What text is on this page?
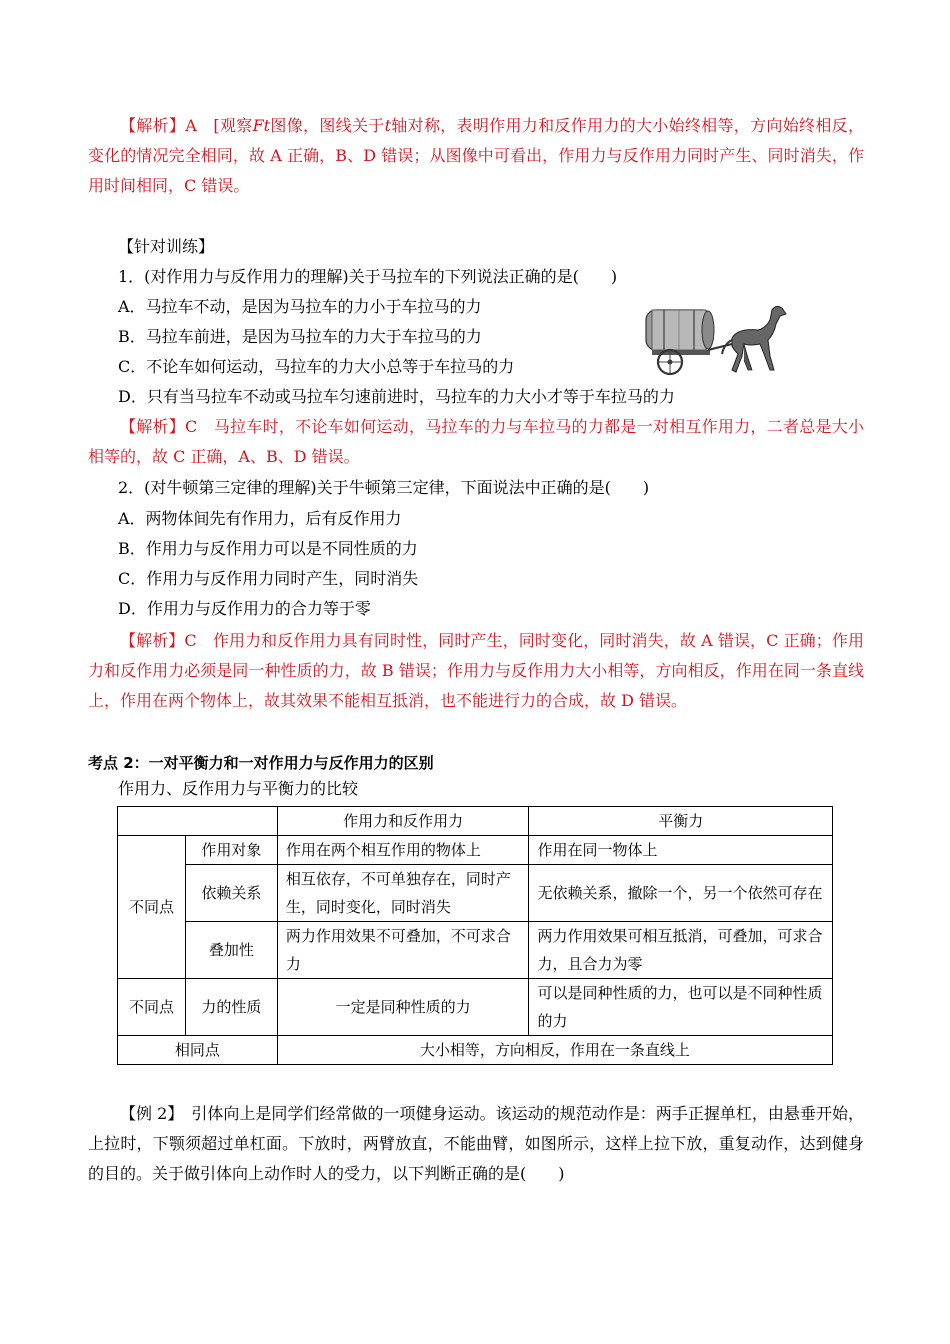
【解析】A　[观察Ft图像，图线关于t轴对称，表明作用力和反作用力的大小始终相等，方向始终相反，变化的情况完全相同，故 A 正确，B、D 错误；从图像中可看出，作用力与反作用力同时产生、同时消失，作用时间相同，C 错误。

【针对训练】

1．(对作用力与反作用力的理解)关于马拉车的下列说法正确的是(　　)

A．马拉车不动，是因为马拉车的力小于车拉马的力

B．马拉车前进，是因为马拉车的力大于车拉马的力

C．不论车如何运动，马拉车的力大小总等于车拉马的力

D．只有当马拉车不动或马拉车匀速前进时，马拉车的力大小才等于车拉马的力

【解析】C　马拉车时，不论车如何运动，马拉车的力与车拉马的力都是一对相互作用力，二者总是大小相等的，故 C 正确，A、B、D 错误。

2．(对牛顿第三定律的理解)关于牛顿第三定律，下面说法中正确的是(　　)

A．两物体间先有作用力，后有反作用力

B．作用力与反作用力可以是不同性质的力

C．作用力与反作用力同时产生，同时消失

D．作用力与反作用力的合力等于零

【解析】C　作用力和反作用力具有同时性，同时产生，同时变化，同时消失，故 A 错误，C 正确；作用力和反作用力必须是同一种性质的力，故 B 错误；作用力与反作用力大小相等，方向相反，作用在同一条直线上，作用在两个物体上，故其效果不能相互抵消，也不能进行力的合成，故 D 错误。

考点 2：一对平衡力和一对作用力与反作用力的区别

作用力、反作用力与平衡力的比较

		作用力和反作用力	平衡力
不同点	作用对象	作用在两个相互作用的物体上	作用在同一物体上
	依赖关系	相互依存，不可单独存在，同时产生，同时变化，同时消失	无依赖关系，撤除一个，另一个依然可存在
	叠加性	两力作用效果不可叠加，不可求合力	两力作用效果可相互抵消，可叠加，可求合力，且合力为零
不同点	力的性质	一定是同种性质的力	可以是同种性质的力，也可以是不同种性质的力
相同点		大小相等，方向相反，作用在一条直线上	

【例 2】　引体向上是同学们经常做的一项健身运动。该运动的规范动作是：两手正握单杠，由悬垂开始，上拉时，下颚须超过单杠面。下放时，两臂放直，不能曲臂，如图所示，这样上拉下放，重复动作，达到健身的目的。关于做引体向上动作时人的受力，以下判断正确的是(　　)
